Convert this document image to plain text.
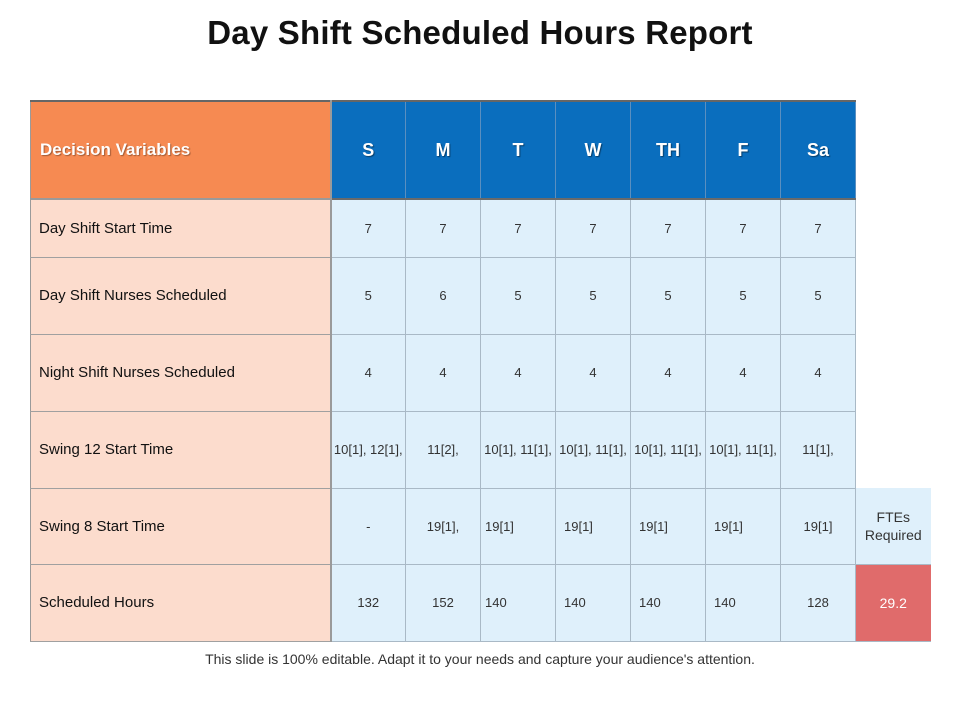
Day Shift Scheduled Hours Report
Decision Variables	S	M	T	W	TH	F	Sa	
Day Shift Start Time	7	7	7	7	7	7	7	
Day Shift Nurses Scheduled	5	6	5	5	5	5	5	
Night Shift Nurses Scheduled	4	4	4	4	4	4	4	
Swing 12 Start Time	10[1], 12[1],	11[2],	10[1], 11[1],	10[1], 11[1],	10[1], 11[1],	10[1], 11[1],	11[1],	
Swing 8 Start Time	-	19[1],	19[1]	19[1]	19[1]	19[1]	19[1]	FTEs Required
Scheduled Hours	132	152	140	140	140	140	128	29.2
This slide is 100% editable. Adapt it to your needs and capture your audience's attention.
